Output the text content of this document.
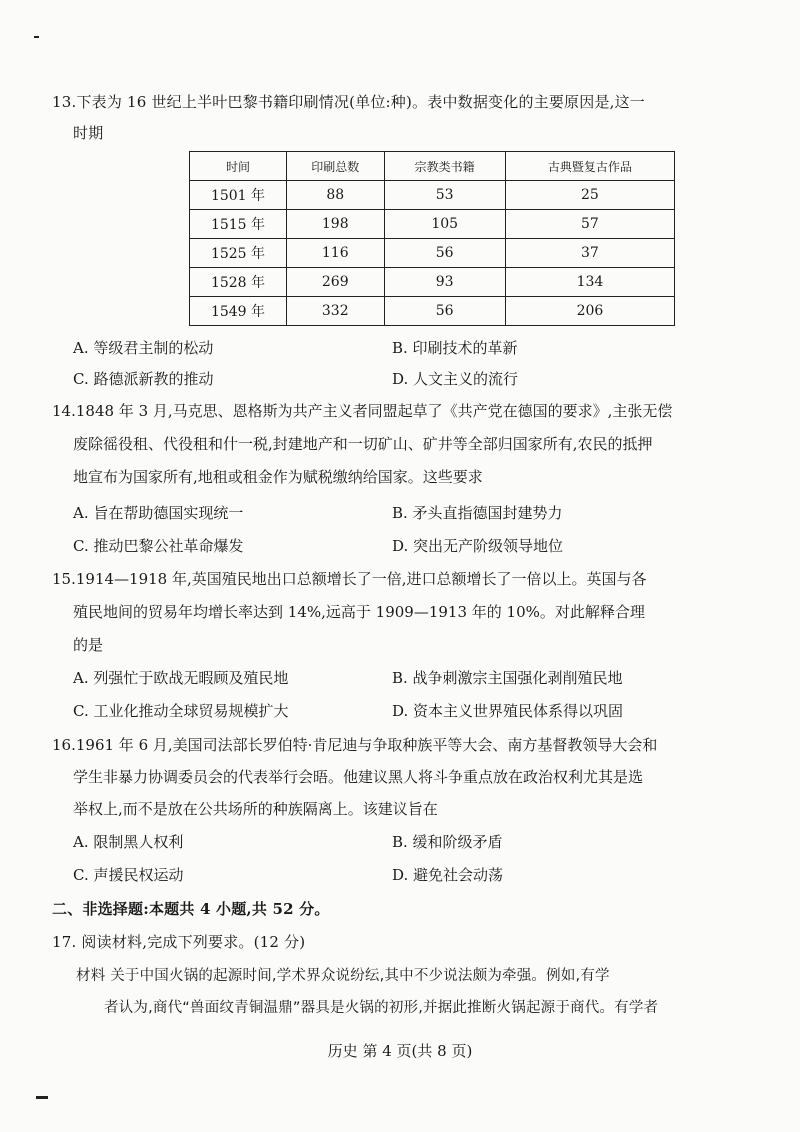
13.下表为 16 世纪上半叶巴黎书籍印刷情况(单位:种)。表中数据变化的主要原因是,这一
时期
时间	印刷总数	宗教类书籍	古典暨复古作品
1501 年	88	53	25
1515 年	198	105	57
1525 年	116	56	37
1528 年	269	93	134
1549 年	332	56	206
A. 等级君主制的松动	B. 印刷技术的革新
C. 路德派新教的推动	D. 人文主义的流行
14.1848 年 3 月,马克思、恩格斯为共产主义者同盟起草了《共产党在德国的要求》,主张无偿
废除徭役租、代役租和什一税,封建地产和一切矿山、矿井等全部归国家所有,农民的抵押
地宣布为国家所有,地租或租金作为赋税缴纳给国家。这些要求
A. 旨在帮助德国实现统一	B. 矛头直指德国封建势力
C. 推动巴黎公社革命爆发	D. 突出无产阶级领导地位
15.1914—1918 年,英国殖民地出口总额增长了一倍,进口总额增长了一倍以上。英国与各
殖民地间的贸易年均增长率达到 14%,远高于 1909—1913 年的 10%。对此解释合理
的是
A. 列强忙于欧战无暇顾及殖民地	B. 战争刺激宗主国强化剥削殖民地
C. 工业化推动全球贸易规模扩大	D. 资本主义世界殖民体系得以巩固
16.1961 年 6 月,美国司法部长罗伯特·肯尼迪与争取种族平等大会、南方基督教领导大会和
学生非暴力协调委员会的代表举行会晤。他建议黑人将斗争重点放在政治权利尤其是选
举权上,而不是放在公共场所的种族隔离上。该建议旨在
A. 限制黑人权利	B. 缓和阶级矛盾
C. 声援民权运动	D. 避免社会动荡
二、非选择题:本题共 4 小题,共 52 分。
17. 阅读材料,完成下列要求。(12 分)
材料 关于中国火锅的起源时间,学术界众说纷纭,其中不少说法颇为牵强。例如,有学
者认为,商代“兽面纹青铜温鼎”器具是火锅的初形,并据此推断火锅起源于商代。有学者
历史 第 4 页(共 8 页)
